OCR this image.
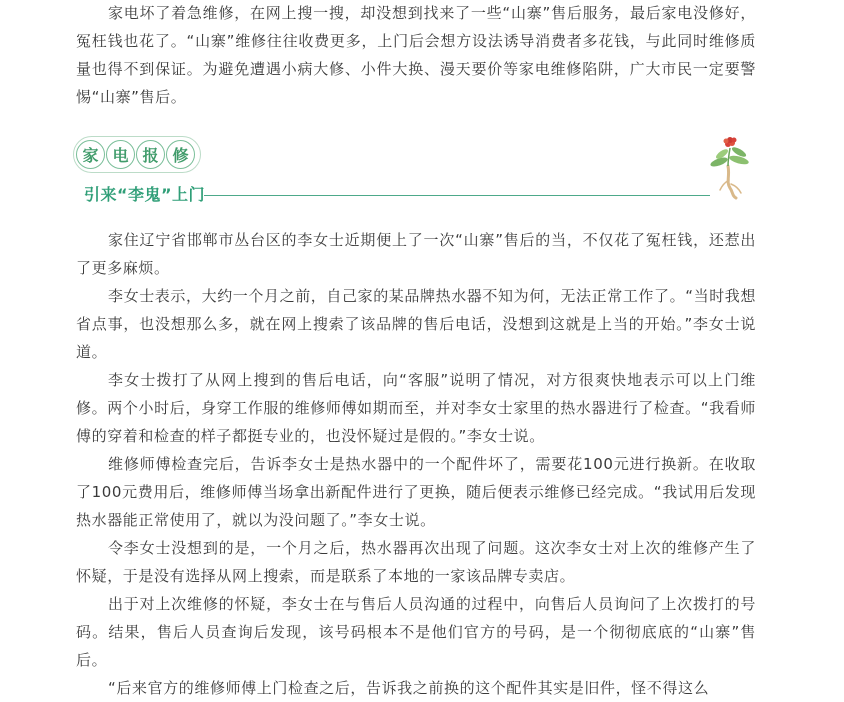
家电坏了着急维修，在网上搜一搜，却没想到找来了一些“山寨”售后服务，最后家电没修好，冤枉钱也花了。“山寨”维修往往收费更多，上门后会想方设法诱导消费者多花钱，与此同时维修质量也得不到保证。为避免遭遇小病大修、小件大换、漫天要价等家电维修陷阱，广大市民一定要警惕“山寨”售后。

家 电 报 修
引来“李鬼”上门

家住辽宁省邯郸市丛台区的李女士近期便上了一次“山寨”售后的当，不仅花了冤枉钱，还惹出了更多麻烦。

李女士表示，大约一个月之前，自己家的某品牌热水器不知为何，无法正常工作了。“当时我想省点事，也没想那么多，就在网上搜索了该品牌的售后电话，没想到这就是上当的开始。”李女士说道。

李女士拨打了从网上搜到的售后电话，向“客服”说明了情况，对方很爽快地表示可以上门维修。两个小时后，身穿工作服的维修师傅如期而至，并对李女士家里的热水器进行了检查。“我看师傅的穿着和检查的样子都挺专业的，也没怀疑过是假的。”李女士说。

维修师傅检查完后，告诉李女士是热水器中的一个配件坏了，需要花100元进行换新。在收取了100元费用后，维修师傅当场拿出新配件进行了更换，随后便表示维修已经完成。“我试用后发现热水器能正常使用了，就以为没问题了。”李女士说。

令李女士没想到的是，一个月之后，热水器再次出现了问题。这次李女士对上次的维修产生了怀疑，于是没有选择从网上搜索，而是联系了本地的一家该品牌专卖店。

出于对上次维修的怀疑，李女士在与售后人员沟通的过程中，向售后人员询问了上次拨打的号码。结果，售后人员查询后发现，该号码根本不是他们官方的号码，是一个彻彻底底的“山寨”售后。

“后来官方的维修师傅上门检查之后，告诉我之前换的这个配件其实是旧件，怪不得这么
